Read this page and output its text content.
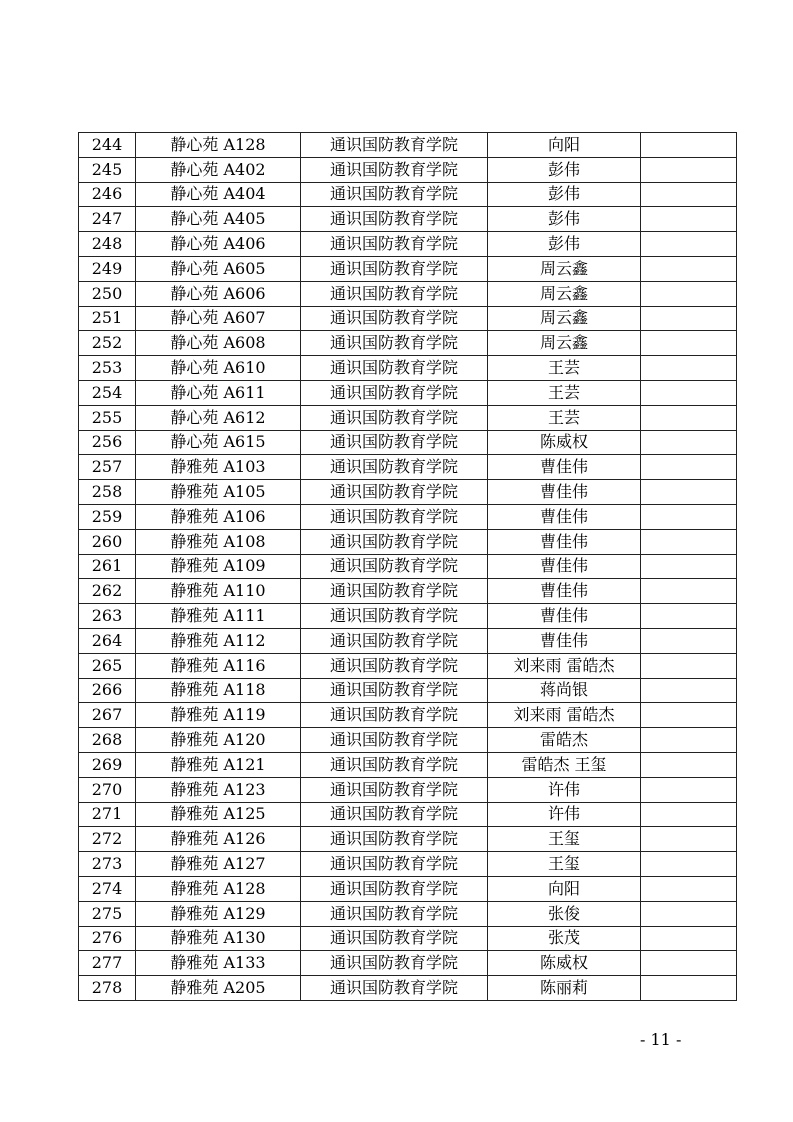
244	静心苑 A128	通识国防教育学院	向阳	
245	静心苑 A402	通识国防教育学院	彭伟	
246	静心苑 A404	通识国防教育学院	彭伟	
247	静心苑 A405	通识国防教育学院	彭伟	
248	静心苑 A406	通识国防教育学院	彭伟	
249	静心苑 A605	通识国防教育学院	周云鑫	
250	静心苑 A606	通识国防教育学院	周云鑫	
251	静心苑 A607	通识国防教育学院	周云鑫	
252	静心苑 A608	通识国防教育学院	周云鑫	
253	静心苑 A610	通识国防教育学院	王芸	
254	静心苑 A611	通识国防教育学院	王芸	
255	静心苑 A612	通识国防教育学院	王芸	
256	静心苑 A615	通识国防教育学院	陈威权	
257	静雅苑 A103	通识国防教育学院	曹佳伟	
258	静雅苑 A105	通识国防教育学院	曹佳伟	
259	静雅苑 A106	通识国防教育学院	曹佳伟	
260	静雅苑 A108	通识国防教育学院	曹佳伟	
261	静雅苑 A109	通识国防教育学院	曹佳伟	
262	静雅苑 A110	通识国防教育学院	曹佳伟	
263	静雅苑 A111	通识国防教育学院	曹佳伟	
264	静雅苑 A112	通识国防教育学院	曹佳伟	
265	静雅苑 A116	通识国防教育学院	刘来雨 雷皓杰	
266	静雅苑 A118	通识国防教育学院	蒋尚银	
267	静雅苑 A119	通识国防教育学院	刘来雨 雷皓杰	
268	静雅苑 A120	通识国防教育学院	雷皓杰	
269	静雅苑 A121	通识国防教育学院	雷皓杰 王玺	
270	静雅苑 A123	通识国防教育学院	许伟	
271	静雅苑 A125	通识国防教育学院	许伟	
272	静雅苑 A126	通识国防教育学院	王玺	
273	静雅苑 A127	通识国防教育学院	王玺	
274	静雅苑 A128	通识国防教育学院	向阳	
275	静雅苑 A129	通识国防教育学院	张俊	
276	静雅苑 A130	通识国防教育学院	张茂	
277	静雅苑 A133	通识国防教育学院	陈威权	
278	静雅苑 A205	通识国防教育学院	陈丽莉	
- 11 -
